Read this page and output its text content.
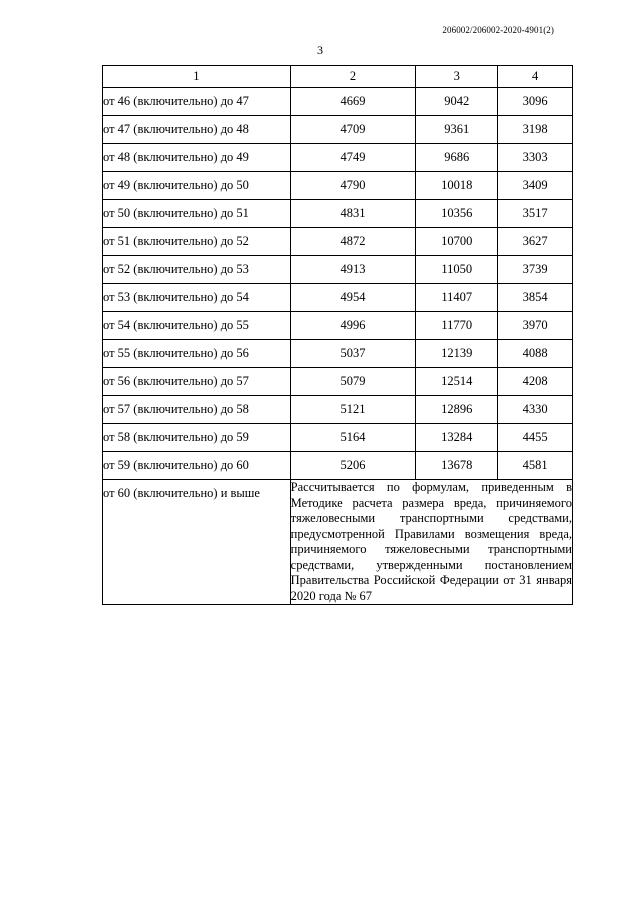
206002/206002-2020-4901(2)
3
1	2	3	4
от 46 (включительно) до 47	4669	9042	3096
от 47 (включительно) до 48	4709	9361	3198
от 48 (включительно) до 49	4749	9686	3303
от 49 (включительно) до 50	4790	10018	3409
от 50 (включительно) до 51	4831	10356	3517
от 51 (включительно) до 52	4872	10700	3627
от 52 (включительно) до 53	4913	11050	3739
от 53 (включительно) до 54	4954	11407	3854
от 54 (включительно) до 55	4996	11770	3970
от 55 (включительно) до 56	5037	12139	4088
от 56 (включительно) до 57	5079	12514	4208
от 57 (включительно) до 58	5121	12896	4330
от 58 (включительно) до 59	5164	13284	4455
от 59 (включительно) до 60	5206	13678	4581
от 60 (включительно) и выше	Рассчитывается по формулам, приведенным в Методике расчета размера вреда, причиняемого тяжеловесными транспортными средствами, предусмотренной Правилами возмещения вреда, причиняемого тяжеловесными транспортными средствами, утвержденными постановлением Правительства Российской Федерации от 31 января 2020 года № 67		
